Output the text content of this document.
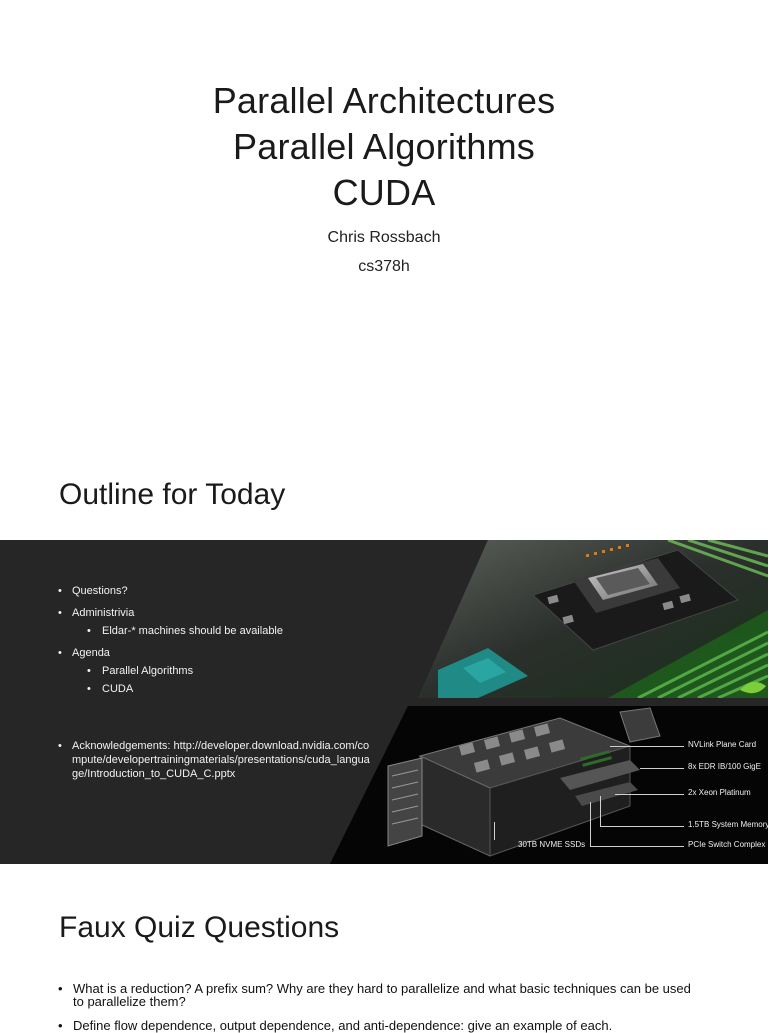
Parallel Architectures
Parallel Algorithms
CUDA
Chris Rossbach
cs378h
Outline for Today
NVLink Plane Card
8x EDR IB/100 GigE
2x Xeon Platinum
1.5TB System Memory
PCIe Switch Complex
30TB NVME SSDs
• Questions?
• Administrivia
• Eldar-* machines should be available
• Agenda
• Parallel Algorithms
• CUDA
• Acknowledgements: http://developer.download.nvidia.com/compute/developertrainingmaterials/presentations/cuda_language/Introduction_to_CUDA_C.pptx
Faux Quiz Questions
• What is a reduction? A prefix sum? Why are they hard to parallelize and what basic techniques can be used to parallelize them?
• Define flow dependence, output dependence, and anti-dependence: give an example of each.
